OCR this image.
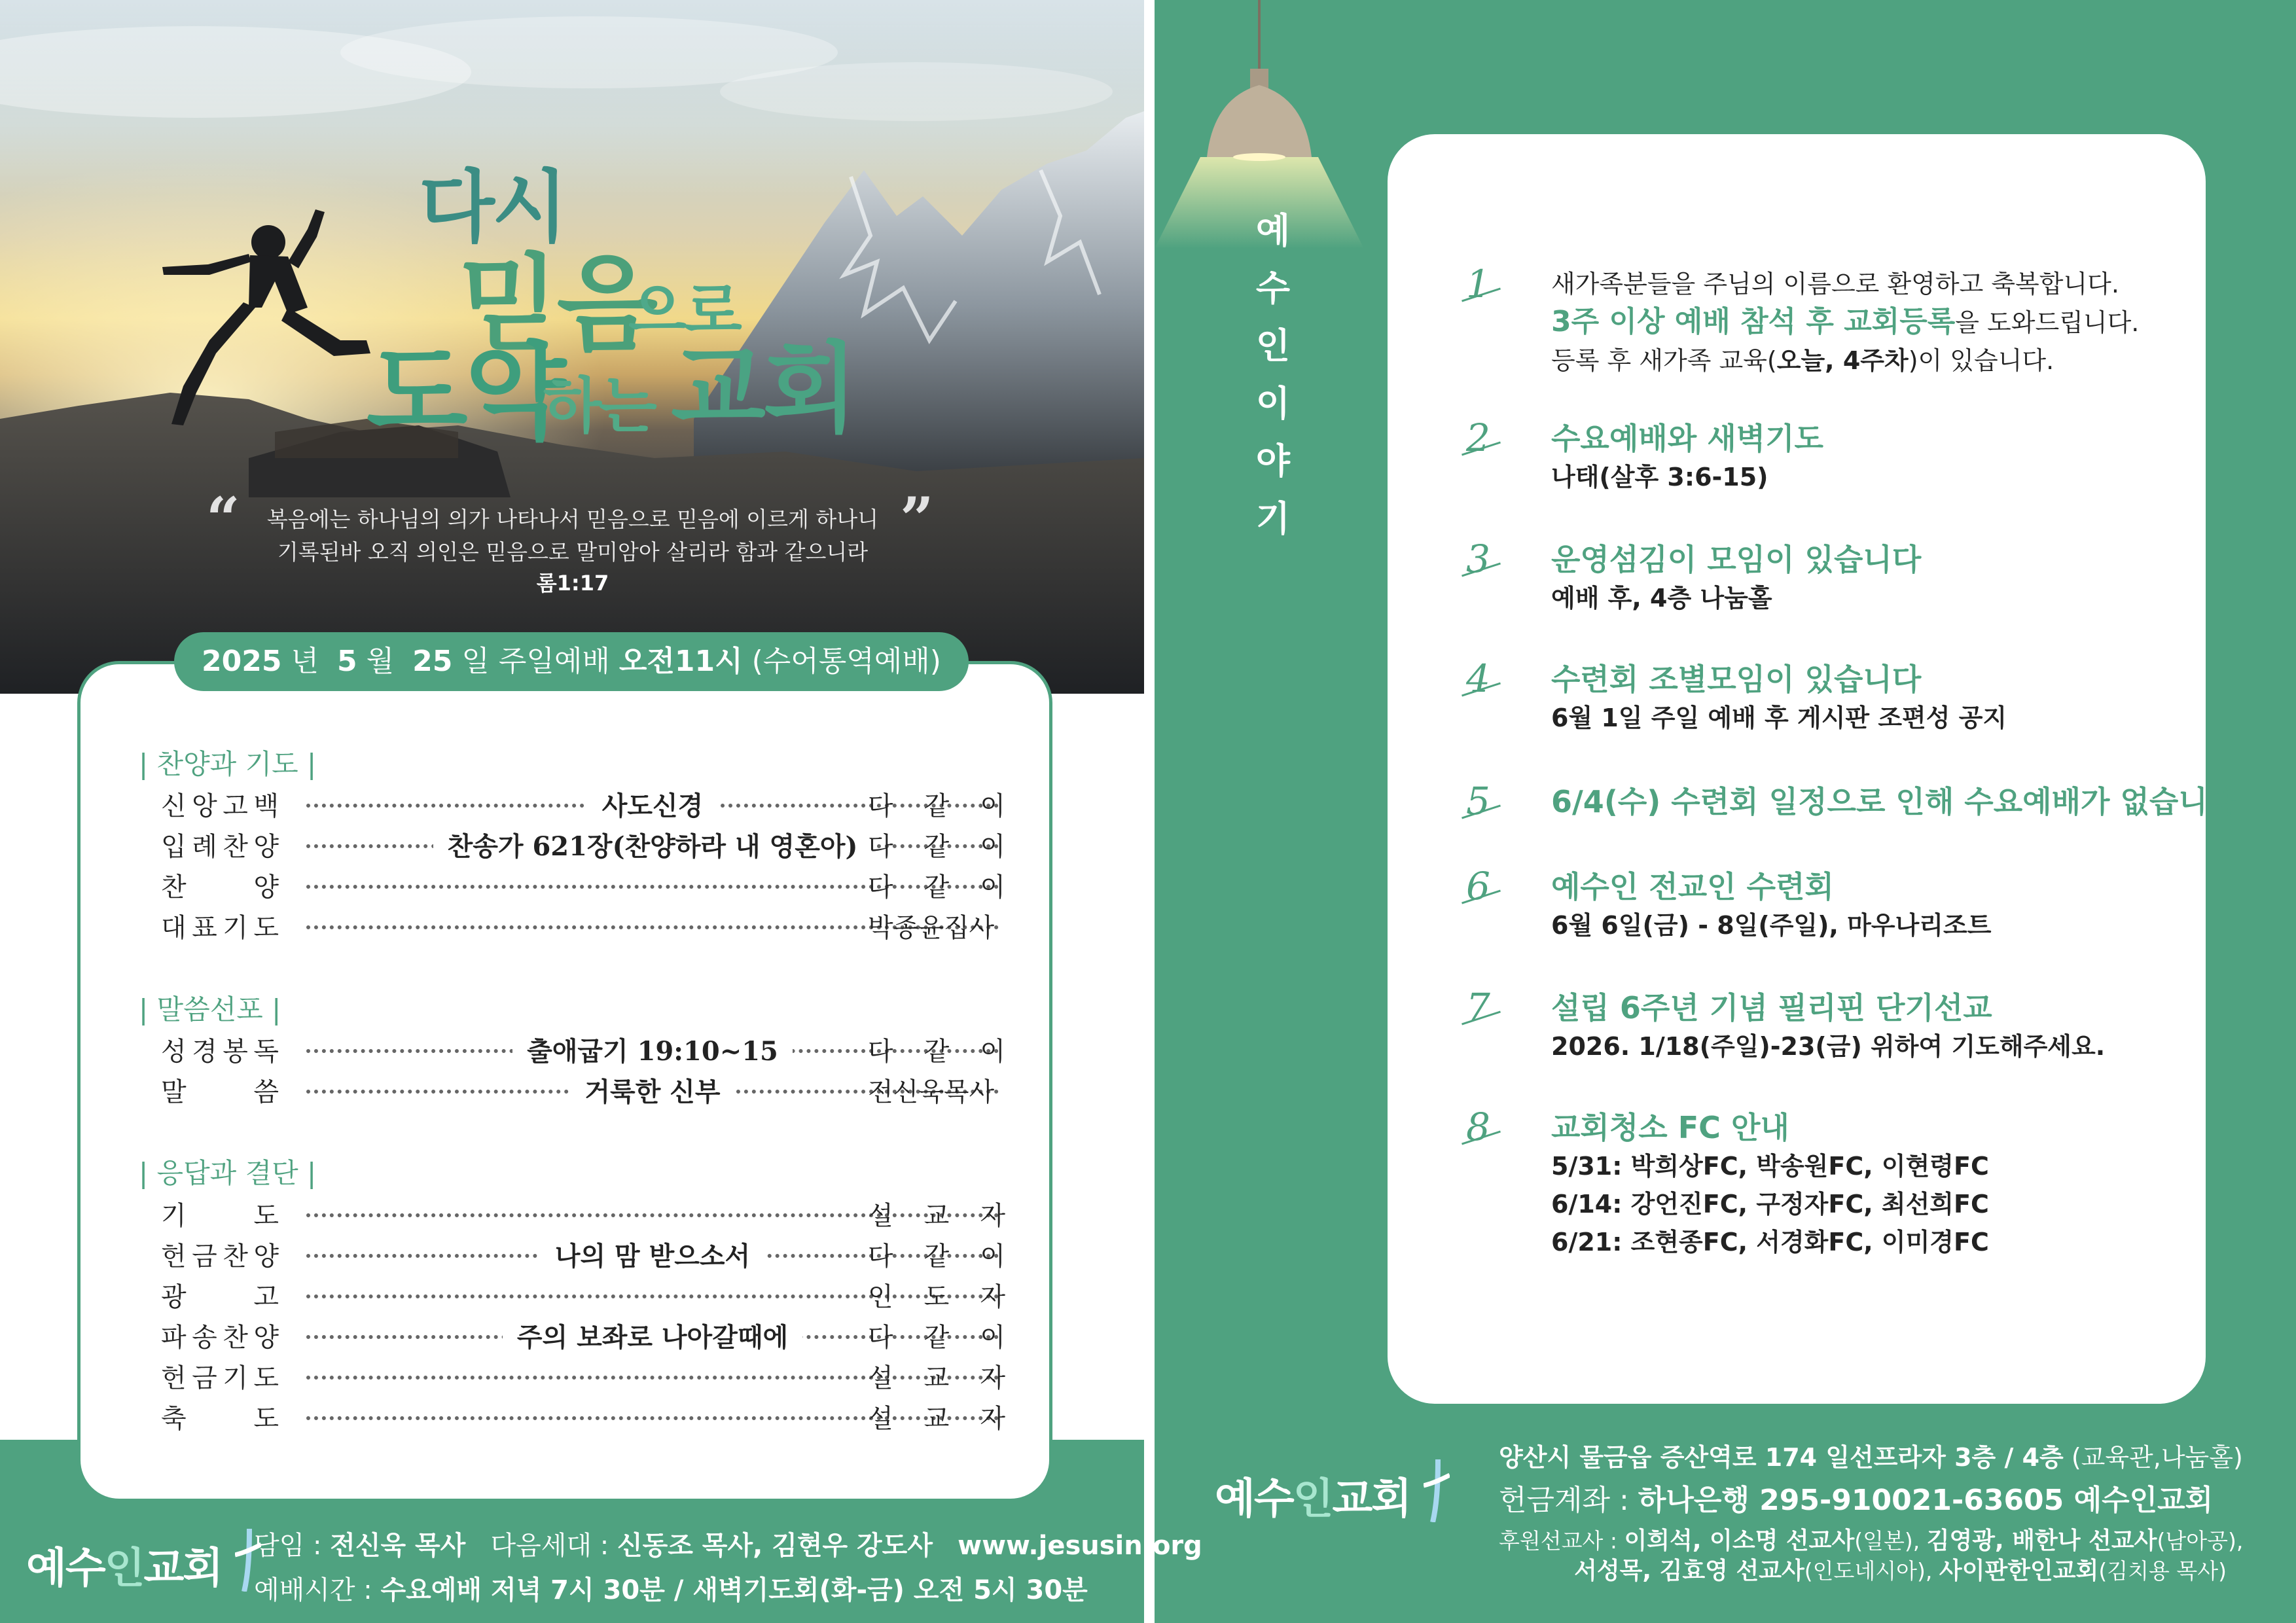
다시
믿음
으로
도약
하는 교회
“	”
복음에는 하나님의 의가 나타나서 믿음으로 믿음에 이르게 하나니
기록된바 오직 의인은 믿음으로 말미암아 살리라 함과 같으니라
롬1:17
2025 년 5 월 25 일 주일예배 오전11시 (수어통역예배)
| 찬양과 기도 |
| 말씀선포 |
| 응답과 결단 |
신 앙 고 백	사도신경	다 같 이
입 례 찬 양	찬송가 621장(찬양하라 내 영혼아) 다 같 이
찬	양	다 같 이
대 표 기 도	박종윤집사
성 경 봉 독	출애굽기 19:10~15	다 같 이
말	씀	거룩한 신부	전신욱목사
기	도	설 교 자
헌 금 찬 양	나의 맘 받으소서	다 같 이
광	고	인 도 자
파 송 찬 양	주의 보좌로 나아갈때에	다 같 이
헌 금 기 도	설 교 자
축	도	설 교 자
예수인교회	담임 : 전신욱 목사 다음세대 : 신동조 목사, 김현우 강도사 www.jesusin.org
예배시간 : 수요예배 저녁 7시 30분 / 새벽기도회(화-금) 오전 5시 30분
예
수
인
이
야
기
1 새가족분들을 주님의 이름으로 환영하고 축복합니다.
3주 이상 예배 참석 후 교회등록을 도와드립니다.
등록 후 새가족 교육(오늘, 4주차)이 있습니다.
2 수요예배와 새벽기도
나태(살후 3:6-15)
3 운영섬김이 모임이 있습니다
예배 후, 4층 나눔홀
4 수련회 조별모임이 있습니다
6월 1일 주일 예배 후 게시판 조편성 공지
5 6/4(수) 수련회 일정으로 인해 수요예배가 없습니다
6 예수인 전교인 수련회
6월 6일(금) - 8일(주일), 마우나리조트
7 설립 6주년 기념 필리핀 단기선교
2026. 1/18(주일)-23(금) 위하여 기도해주세요.
8 교회청소 FC 안내
5/31: 박희상FC, 박송원FC, 이현령FC
6/14: 강언진FC, 구정자FC, 최선희FC
6/21: 조현종FC, 서경화FC, 이미경FC
예수인교회
양산시 물금읍 증산역로 174 일선프라자 3층 / 4층 (교육관,나눔홀)
헌금계좌 : 하나은행 295-910021-63605 예수인교회
후원선교사 : 이희석, 이소명 선교사(일본), 김영광, 배한나 선교사(남아공),
서성목, 김효영 선교사(인도네시아), 사이판한인교회(김치용 목사)
